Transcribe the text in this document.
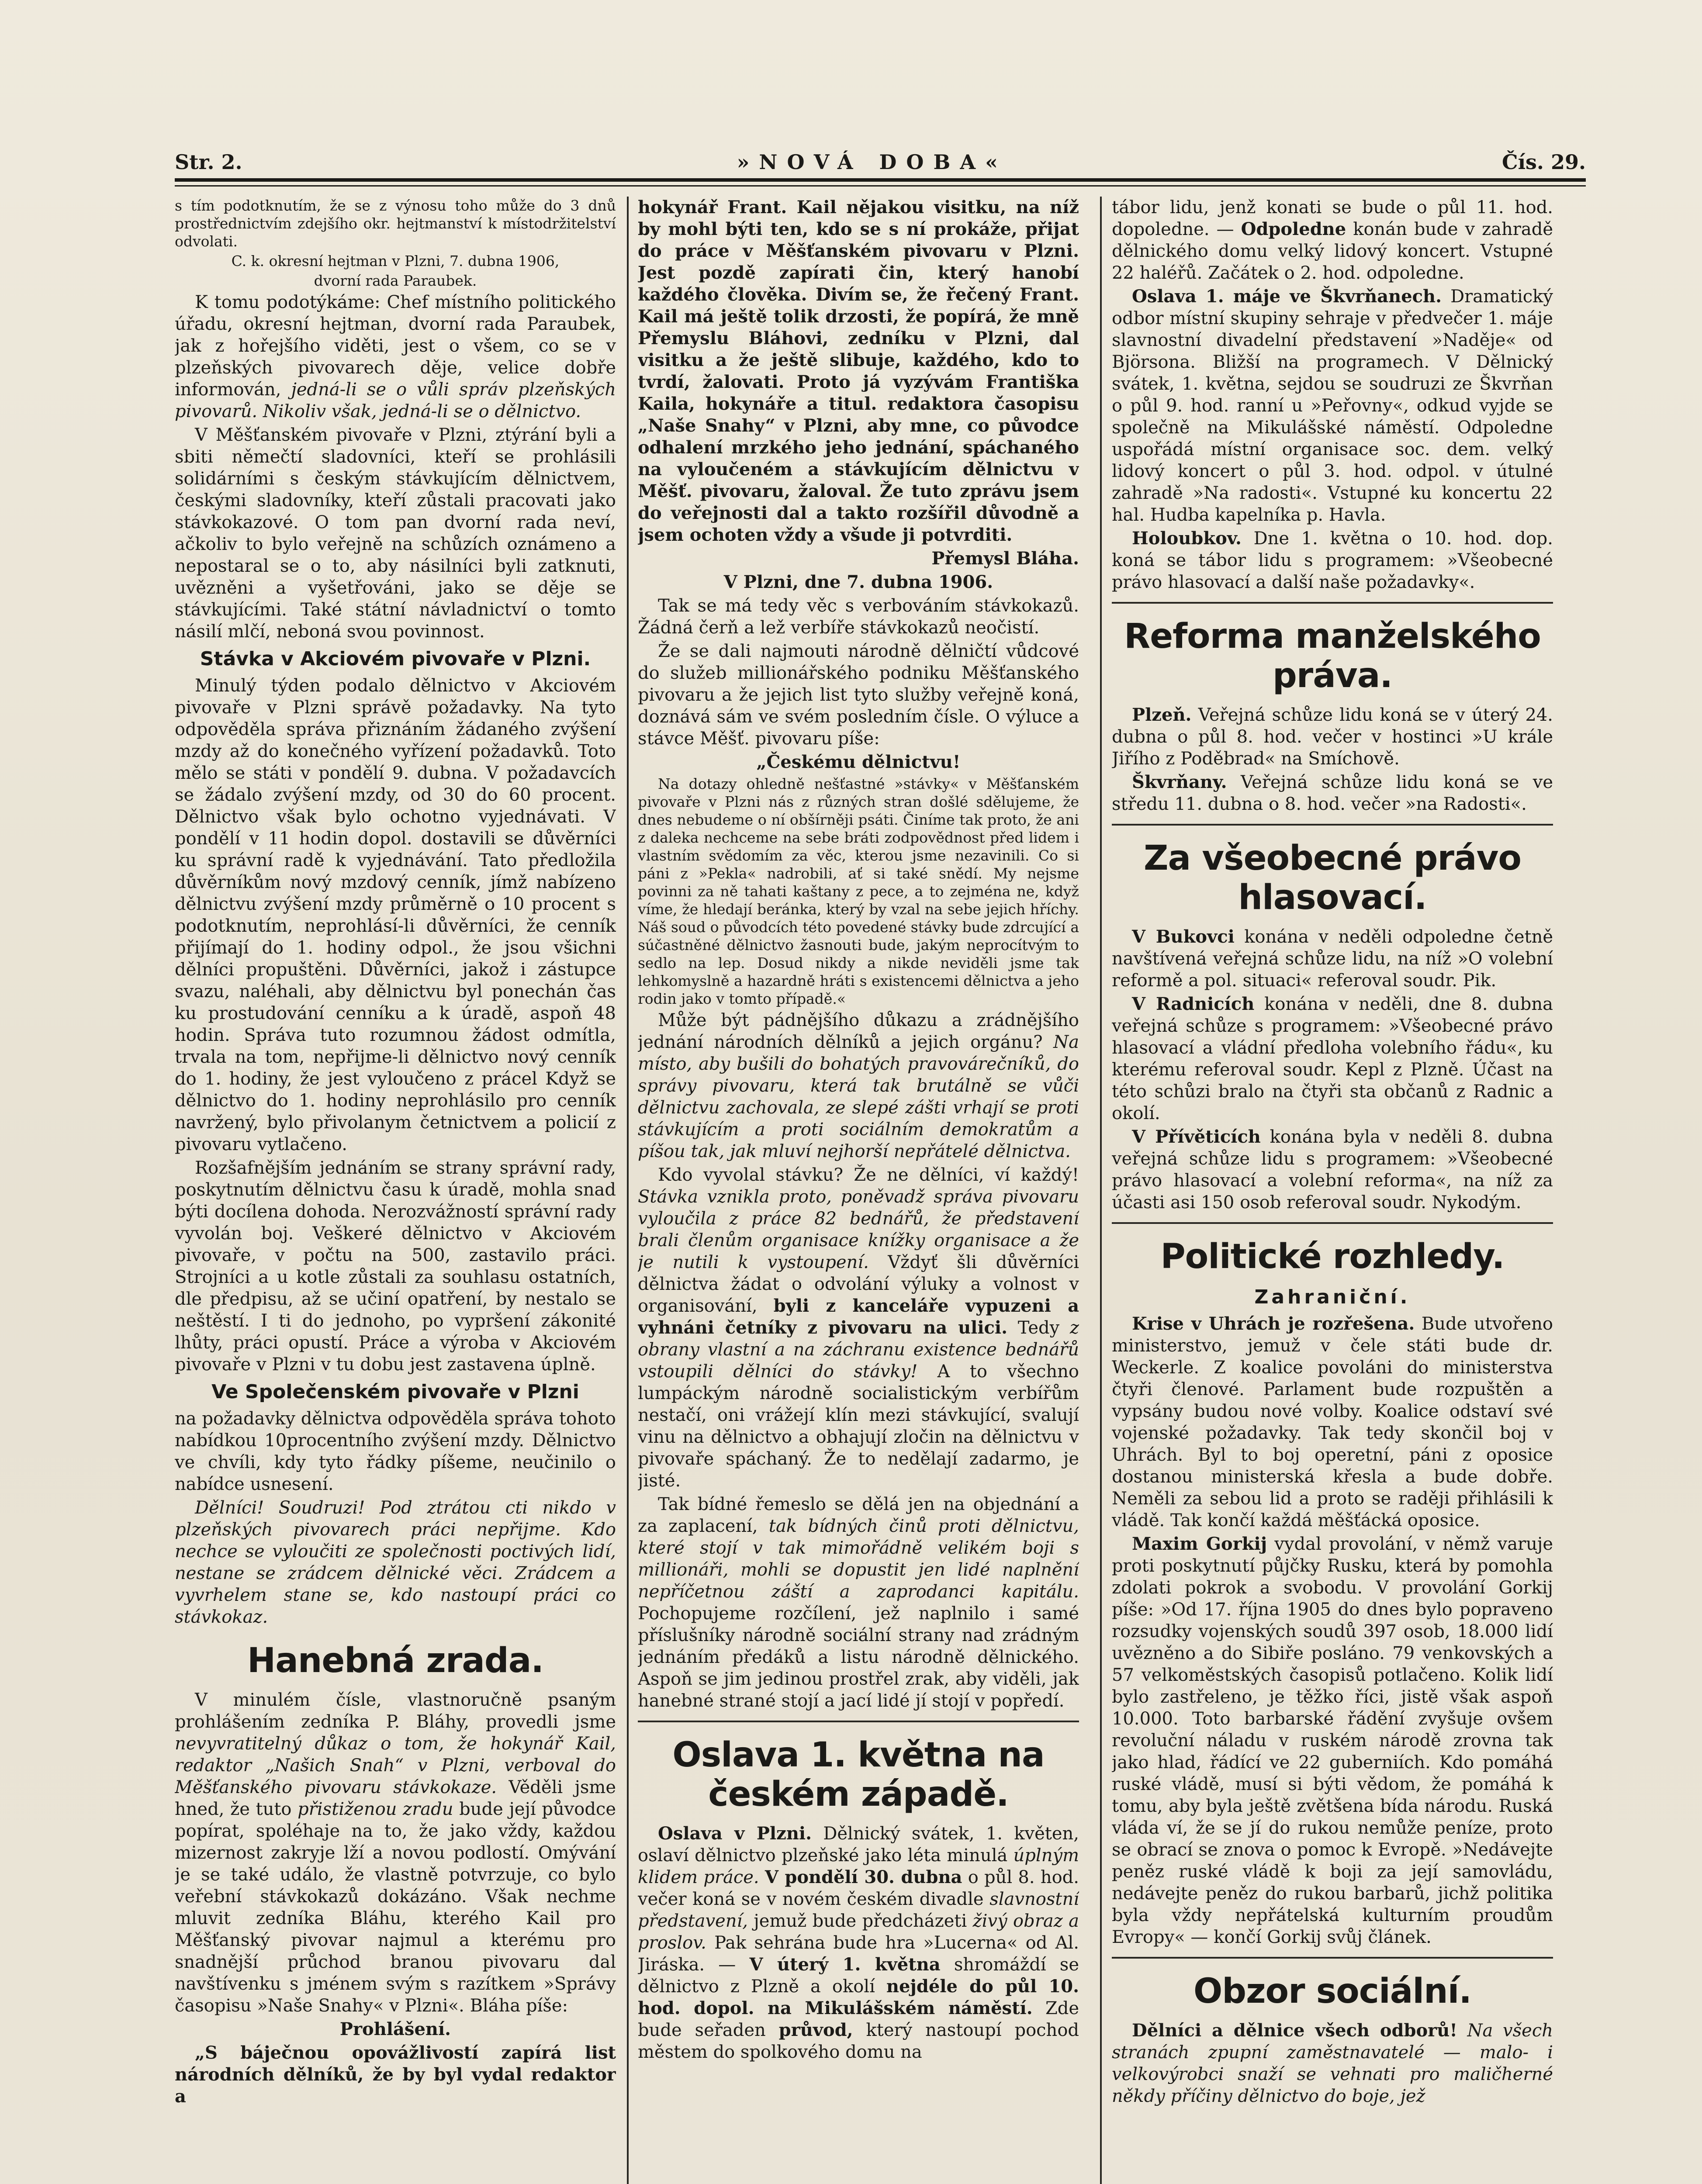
Str. 2.	»NOVÁ DOBA«	Čís. 29.

s tím podotknutím, že se z výnosu toho může do 3 dnů prostřednictvím zdejšího okr. hejtmanství k místodržitelství odvolati.

C. k. okresní hejtman v Plzni, 7. dubna 1906,

dvorní rada Paraubek.

K tomu podotýkáme: Chef místního politického úřadu, okresní hejtman, dvorní rada Paraubek, jak z hořejšího viděti, jest o všem, co se v plzeňských pivovarech děje, velice dobře informován, jedná-li se o vůli správ plzeňských pivovarů. Nikoliv však, jedná-li se o dělnictvo.

V Měšťanském pivovaře v Plzni, ztýrání byli a sbiti němečtí sladovníci, kteří se prohlásili solidárními s českým stávkujícím dělnictvem, českými sladovníky, kteří zůstali pracovati jako stávkokazové. O tom pan dvorní rada neví, ačkoliv to bylo veřejně na schůzích oznámeno a nepostaral se o to, aby násilníci byli zatknuti, uvězněni a vyšetřováni, jako se děje se stávkujícími. Také státní návladnictví o tomto násilí mlčí, neboná svou povinnost.

Stávka v Akciovém pivovaře v Plzni.

Minulý týden podalo dělnictvo v Akciovém pivovaře v Plzni správě požadavky. Na tyto odpověděla správa přiznáním žádaného zvýšení mzdy až do konečného vyřízení požadavků. Toto mělo se státi v pondělí 9. dubna. V požadavcích se žádalo zvýšení mzdy, od 30 do 60 procent. Dělnictvo však bylo ochotno vyjednávati. V pondělí v 11 hodin dopol. dostavili se důvěrníci ku správní radě k vyjednávání. Tato předložila důvěrníkům nový mzdový cenník, jímž nabízeno dělnictvu zvýšení mzdy průměrně o 10 procent s podotknutím, neprohlásí-li důvěrníci, že cenník přijímají do 1. hodiny odpol., že jsou všichni dělníci propuštěni. Důvěrníci, jakož i zástupce svazu, naléhali, aby dělnictvu byl ponechán čas ku prostudování cenníku a k úradě, aspoň 48 hodin. Správa tuto rozumnou žádost odmítla, trvala na tom, nepřijme-li dělnictvo nový cenník do 1. hodiny, že jest vyloučeno z prácel Když se dělnictvo do 1. hodiny neprohlásilo pro cenník navržený, bylo přivolanym četnictvem a policií z pivovaru vytlačeno.

Rozšafnějším jednáním se strany správní rady, poskytnutím dělnictvu času k úradě, mohla snad býti docílena dohoda. Nerozvážností správní rady vyvolán boj. Veškeré dělnictvo v Akciovém pivovaře, v počtu na 500, zastavilo práci. Strojníci a u kotle zůstali za souhlasu ostatních, dle předpisu, až se učiní opatření, by nestalo se neštěstí. I ti do jednoho, po vypršení zákonité lhůty, práci opustí. Práce a výroba v Akciovém pivovaře v Plzni v tu dobu jest zastavena úplně.

Ve Společenském pivovaře v Plzni

na požadavky dělnictva odpověděla správa tohoto nabídkou 10procentního zvýšení mzdy. Dělnictvo ve chvíli, kdy tyto řádky píšeme, neučinilo o nabídce usnesení.

Dělníci! Soudruzi! Pod ztrátou cti nikdo v plzeňských pivovarech práci nepřijme. Kdo nechce se vyloučiti ze společnosti poctivých lidí, nestane se zrádcem dělnické věci. Zrádcem a vyvrhelem stane se, kdo nastoupí práci co stávkokaz.

Hanebná zrada.

V minulém čísle, vlastnoručně psaným prohlášením zedníka P. Bláhy, provedli jsme nevyvratitelný důkaz o tom, že hokynář Kail, redaktor „Našich Snah“ v Plzni, verboval do Měšťanského pivovaru stávkokaze. Věděli jsme hned, že tuto přistiženou zradu bude její původce popírat, spoléhaje na to, že jako vždy, každou mizernost zakryje lží a novou podlostí. Omývání je se také událo, že vlastně potvrzuje, co bylo veřební stávkokazů dokázáno. Však nechme mluvit zedníka Bláhu, kterého Kail pro Měšťanský pivovar najmul a kterému pro snadnější průchod branou pivovaru dal navštívenku s jménem svým s razítkem »Správy časopisu »Naše Snahy« v Plzni«. Bláha píše:

Prohlášení.

„S báječnou opovážlivostí zapírá list národních dělníků, že by byl vydal redaktor a

hokynář Frant. Kail nějakou visitku, na níž by mohl býti ten, kdo se s ní prokáže, přijat do práce v Měšťanském pivovaru v Plzni. Jest pozdě zapírati čin, který hanobí každého člověka. Divím se, že řečený Frant. Kail má ještě tolik drzosti, že popírá, že mně Přemyslu Bláhovi, zedníku v Plzni, dal visitku a že ještě slibuje, každého, kdo to tvrdí, žalovati. Proto já vyzývám Františka Kaila, hokynáře a titul. redaktora časopisu „Naše Snahy“ v Plzni, aby mne, co původce odhalení mrzkého jeho jednání, spáchaného na vyloučeném a stávkujícím dělnictvu v Měšť. pivovaru, žaloval. Že tuto zprávu jsem do veřejnosti dal a takto rozšířil důvodně a jsem ochoten vždy a všude ji potvrditi.

Přemysl Bláha.

V Plzni, dne 7. dubna 1906.

Tak se má tedy věc s verbováním stávkokazů. Žádná čerň a lež verbíře stávkokazů neočistí.

Že se dali najmouti národně dělničtí vůdcové do služeb millionářského podniku Měšťanského pivovaru a že jejich list tyto služby veřejně koná, doznává sám ve svém posledním čísle. O výluce a stávce Měšť. pivovaru píše:

„Českému dělnictvu!

Na dotazy ohledně nešťastné »stávky« v Měšťanském pivovaře v Plzni nás z různých stran došlé sdělujeme, že dnes nebudeme o ní obšírněji psáti. Činíme tak proto, že ani z daleka nechceme na sebe bráti zodpovědnost před lidem i vlastním svědomím za věc, kterou jsme nezavinili. Co si páni z »Pekla« nadrobili, ať si také snědí. My nejsme povinni za ně tahati kaštany z pece, a to zejména ne, když víme, že hledají beránka, který by vzal na sebe jejich hříchy. Náš soud o původcích této povedené stávky bude zdrcující a súčastněné dělnictvo žasnouti bude, jakým neprocítvým to sedlo na lep. Dosud nikdy a nikde neviděli jsme tak lehkomyslně a hazardně hráti s existencemi dělnictva a jeho rodin jako v tomto případě.«

Může být pádnějšího důkazu a zrádnějšího jednání národních dělníků a jejich orgánu? Na místo, aby bušili do bohatých pravovárečníků, do správy pivovaru, která tak brutálně se vůči dělnictvu zachovala, ze slepé zášti vrhají se proti stávkujícím a proti sociálním demokratům a píšou tak, jak mluví nejhorší nepřátelé dělnictva.

Kdo vyvolal stávku? Že ne dělníci, ví každý! Stávka vznikla proto, poněvadž správa pivovaru vyloučila z práce 82 bednářů, že představení brali členům organisace knížky organisace a že je nutili k vystoupení. Vždyť šli důvěrníci dělnictva žádat o odvolání výluky a volnost v organisování, byli z kanceláře vypuzeni a vyhnáni četníky z pivovaru na ulici. Tedy z obrany vlastní a na záchranu existence bednářů vstoupili dělníci do stávky! A to všechno lumpáckým národně socialistickým verbířům nestačí, oni vrážejí klín mezi stávkující, svalují vinu na dělnictvo a obhajují zločin na dělnictvu v pivovaře spáchaný. Že to nedělají zadarmo, je jisté.

Tak bídné řemeslo se dělá jen na objednání a za zaplacení, tak bídných činů proti dělnictvu, které stojí v tak mimořádně velikém boji s millionáři, mohli se dopustit jen lidé naplnění nepříčetnou záští a zaprodanci kapitálu. Pochopujeme rozčílení, jež naplnilo i samé příslušníky národně sociální strany nad zrádným jednáním předáků a listu národně dělnického. Aspoň se jim jedinou prostřel zrak, aby viděli, jak hanebné strané stojí a jací lidé jí stojí v popředí.

Oslava 1. května na českém západě.

Oslava v Plzni. Dělnický svátek, 1. květen, oslaví dělnictvo plzeňské jako léta minulá úplným klidem práce. V pondělí 30. dubna o půl 8. hod. večer koná se v novém českém divadle slavnostní představení, jemuž bude předcházeti živý obraz a proslov. Pak sehrána bude hra »Lucerna« od Al. Jiráska. — V úterý 1. května shromáždí se dělnictvo z Plzně a okolí nejdéle do půl 10. hod. dopol. na Mikulášském náměstí. Zde bude seřaden průvod, který nastoupí pochod městem do spolkového domu na

tábor lidu, jenž konati se bude o půl 11. hod. dopoledne. — Odpoledne konán bude v zahradě dělnického domu velký lidový koncert. Vstupné 22 haléřů. Začátek o 2. hod. odpoledne.

Oslava 1. máje ve Škvrňanech. Dramatický odbor místní skupiny sehraje v předvečer 1. máje slavnostní divadelní představení »Naděje« od Björsona. Bližší na programech. V Dělnický svátek, 1. května, sejdou se soudruzi ze Škvrňan o půl 9. hod. ranní u »Peřovny«, odkud vyjde se společně na Mikulášské náměstí. Odpoledne uspořádá místní organisace soc. dem. velký lidový koncert o půl 3. hod. odpol. v útulné zahradě »Na radosti«. Vstupné ku koncertu 22 hal. Hudba kapelníka p. Havla.

Holoubkov. Dne 1. května o 10. hod. dop. koná se tábor lidu s programem: »Všeobecné právo hlasovací a další naše požadavky«.

Reforma manželského práva.

Plzeň. Veřejná schůze lidu koná se v úterý 24. dubna o půl 8. hod. večer v hostinci »U krále Jiřího z Poděbrad« na Smíchově.

Škvrňany. Veřejná schůze lidu koná se ve středu 11. dubna o 8. hod. večer »na Radosti«.

Za všeobecné právo hlasovací.

V Bukovci konána v neděli odpoledne četně navštívená veřejná schůze lidu, na níž »O volební reformě a pol. situaci« referoval soudr. Pik.

V Radnicích konána v neděli, dne 8. dubna veřejná schůze s programem: »Všeobecné právo hlasovací a vládní předloha volebního řádu«, ku kterému referoval soudr. Kepl z Plzně. Účast na této schůzi bralo na čtyři sta občanů z Radnic a okolí.

V Přívěticích konána byla v neděli 8. dubna veřejná schůze lidu s programem: »Všeobecné právo hlasovací a volební reforma«, na níž za účasti asi 150 osob referoval soudr. Nykodým.

Politické rozhledy.
Zahraniční.

Krise v Uhrách je rozřešena. Bude utvořeno ministerstvo, jemuž v čele státi bude dr. Weckerle. Z koalice povoláni do ministerstva čtyři členové. Parlament bude rozpuštěn a vypsány budou nové volby. Koalice odstaví své vojenské požadavky. Tak tedy skončil boj v Uhrách. Byl to boj operetní, páni z oposice dostanou ministerská křesla a bude dobře. Neměli za sebou lid a proto se raději přihlásili k vládě. Tak končí každá měšťácká oposice.

Maxim Gorkij vydal provolání, v němž varuje proti poskytnutí půjčky Rusku, která by pomohla zdolati pokrok a svobodu. V provolání Gorkij píše: »Od 17. října 1905 do dnes bylo popraveno rozsudky vojenských soudů 397 osob, 18.000 lidí uvězněno a do Sibiře posláno. 79 venkovských a 57 velkoměstských časopisů potlačeno. Kolik lidí bylo zastřeleno, je těžko říci, jistě však aspoň 10.000. Toto barbarské řádění zvyšuje ovšem revoluční náladu v ruském národě zrovna tak jako hlad, řádící ve 22 guberniích. Kdo pomáhá ruské vládě, musí si býti vědom, že pomáhá k tomu, aby byla ještě zvětšena bída národu. Ruská vláda ví, že se jí do rukou nemůže peníze, proto se obrací se znova o pomoc k Evropě. »Nedávejte peněz ruské vládě k boji za její samovládu, nedávejte peněz do rukou barbarů, jichž politika byla vždy nepřátelská kulturním proudům Evropy« — končí Gorkij svůj článek.

Obzor sociální.

Dělníci a dělnice všech odborů! Na všech stranách zpupní zaměstnavatelé — malo- i velkovýrobci snaží se vehnati pro maličherné někdy příčiny dělnictvo do boje, jež
